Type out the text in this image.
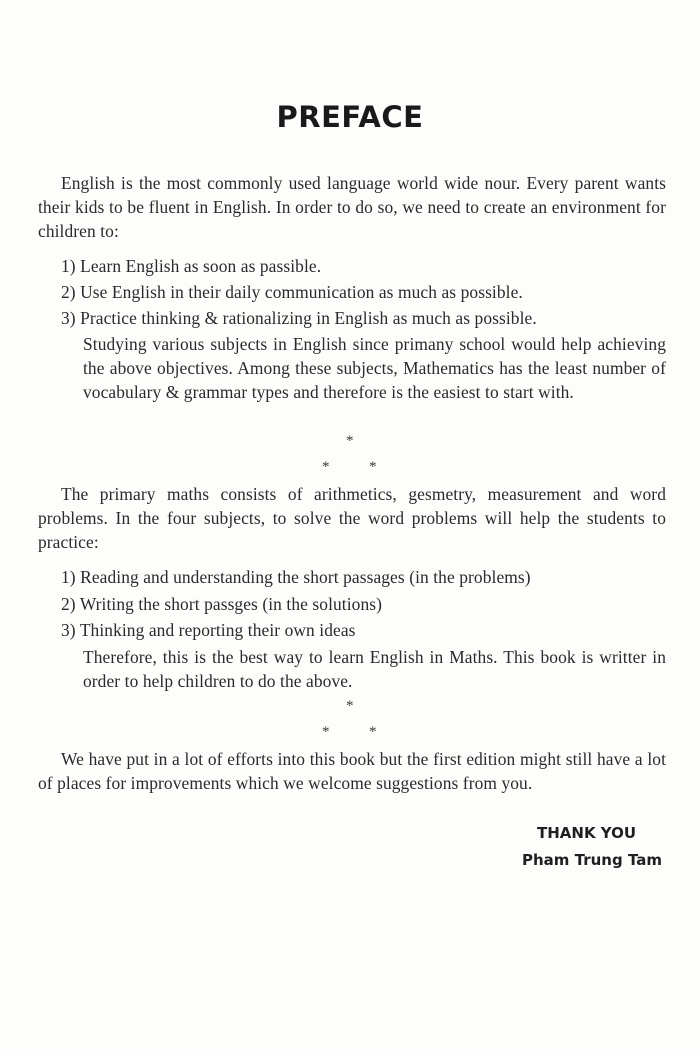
PREFACE
English is the most commonly used language world wide nour. Every parent wants their kids to be fluent in English. In order to do so, we need to create an environment for children to:
1) Learn English as soon as passible.
2) Use English in their daily communication as much as possible.
3) Practice thinking & rationalizing in English as much as possible.
Studying various subjects in English since primany school would help achieving the above objectives. Among these subjects, Mathematics has the least number of vocabulary & grammar types and therefore is the easiest to start with.
*
*	*
The primary maths consists of arithmetics, gesmetry, measurement and word problems. In the four subjects, to solve the word problems will help the students to practice:
1) Reading and understanding the short passages (in the problems)
2) Writing the short passges (in the solutions)
3) Thinking and reporting their own ideas
Therefore, this is the best way to learn English in Maths. This book is writter in order to help children to do the above.
*
*	*
We have put in a lot of efforts into this book but the first edition might still have a lot of places for improvements which we welcome suggestions from you.
THANK YOU
Pham Trung Tam
